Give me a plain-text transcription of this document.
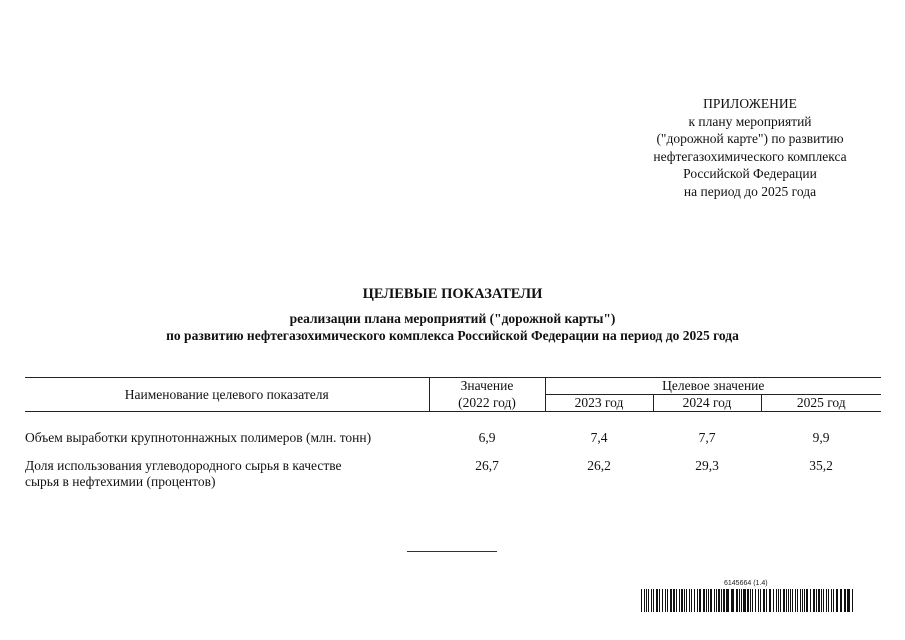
ПРИЛОЖЕНИЕ
к плану мероприятий
("дорожной карте") по развитию
нефтегазохимического комплекса
Российской Федерации
на период до 2025 года
ЦЕЛЕВЫЕ ПОКАЗАТЕЛИ
реализации плана мероприятий ("дорожной карты")
по развитию нефтегазохимического комплекса Российской Федерации на период до 2025 года
Наименование целевого показателя	Значение	Целевое значение		
	(2022 год)	2023 год	2024 год	2025 год

Объем выработки крупнотоннажных полимеров (млн. тонн)	6,9	7,4	7,7	9,9

Доля использования углеводородного сырья в качестве
сырья в нефтехимии (процентов)	26,7	26,2	29,3	35,2
6145664 (1.4)
